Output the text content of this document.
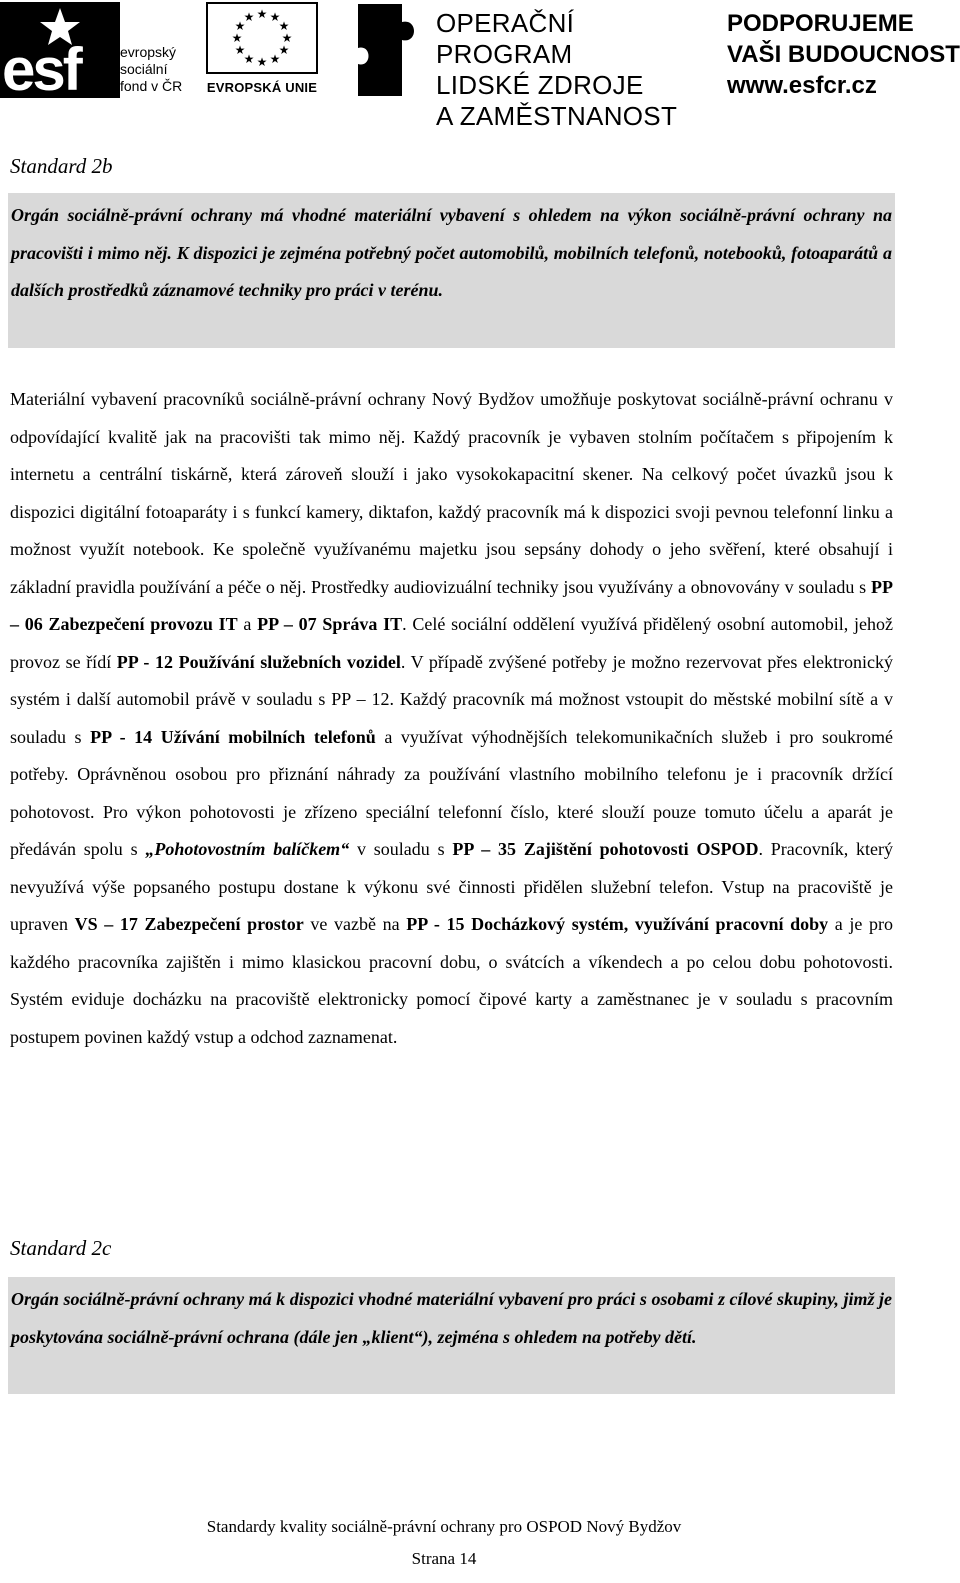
esf	evropský
sociální
fond v ČR
★ ★
★
★
★
★
★
★
★
★
★
★
EVROPSKÁ UNIE
OPERAČNÍ PROGRAM
LIDSKÉ ZDROJE
A ZAMĚSTNANOST
PODPORUJEME
VAŠI BUDOUCNOST
www.esfcr.cz
Standard 2b
Orgán sociálně-právní ochrany má vhodné materiální vybavení s ohledem na výkon sociálně-právní ochrany na pracovišti i mimo něj. K dispozici je zejména potřebný počet automobilů, mobilních telefonů, notebooků, fotoaparátů a dalších prostředků záznamové techniky pro práci v terénu.
Materiální vybavení pracovníků sociálně-právní ochrany Nový Bydžov umožňuje poskytovat sociálně-právní ochranu v odpovídající kvalitě jak na pracovišti tak mimo něj. Každý pracovník je vybaven stolním počítačem s připojením k internetu a centrální tiskárně, která zároveň slouží i jako vysokokapacitní skener. Na celkový počet úvazků jsou k dispozici digitální fotoaparáty i s funkcí kamery, diktafon, každý pracovník má k dispozici svoji pevnou telefonní linku a možnost využít notebook. Ke společně využívanému majetku jsou sepsány dohody o jeho svěření, které obsahují i základní pravidla používání a péče o něj. Prostředky audiovizuální techniky jsou využívány a obnovovány v souladu s PP – 06 Zabezpečení provozu IT a PP – 07 Správa IT. Celé sociální oddělení využívá přidělený osobní automobil, jehož provoz se řídí PP - 12 Používání služebních vozidel. V případě zvýšené potřeby je možno rezervovat přes elektronický systém i další automobil právě v souladu s PP – 12. Každý pracovník má možnost vstoupit do městské mobilní sítě a v souladu s PP - 14 Užívání mobilních telefonů a využívat výhodnějších telekomunikačních služeb i pro soukromé potřeby. Oprávněnou osobou pro přiznání náhrady za používání vlastního mobilního telefonu je i pracovník držící pohotovost. Pro výkon pohotovosti je zřízeno speciální telefonní číslo, které slouží pouze tomuto účelu a aparát je předáván spolu s „Pohotovostním balíčkem“ v souladu s PP – 35 Zajištění pohotovosti OSPOD. Pracovník, který nevyužívá výše popsaného postupu dostane k výkonu své činnosti přidělen služební telefon. Vstup na pracoviště je upraven VS – 17 Zabezpečení prostor ve vazbě na PP - 15 Docházkový systém, využívání pracovní doby a je pro každého pracovníka zajištěn i mimo klasickou pracovní dobu, o svátcích a víkendech a po celou dobu pohotovosti. Systém eviduje docházku na pracoviště elektronicky pomocí čipové karty a zaměstnanec je v souladu s pracovním postupem povinen každý vstup a odchod zaznamenat.
Standard 2c
Orgán sociálně-právní ochrany má k dispozici vhodné materiální vybavení pro práci s osobami z cílové skupiny, jimž je poskytována sociálně-právní ochrana (dále jen „klient“), zejména s ohledem na potřeby dětí.
Standardy kvality sociálně-právní ochrany pro OSPOD Nový Bydžov
Strana 14
